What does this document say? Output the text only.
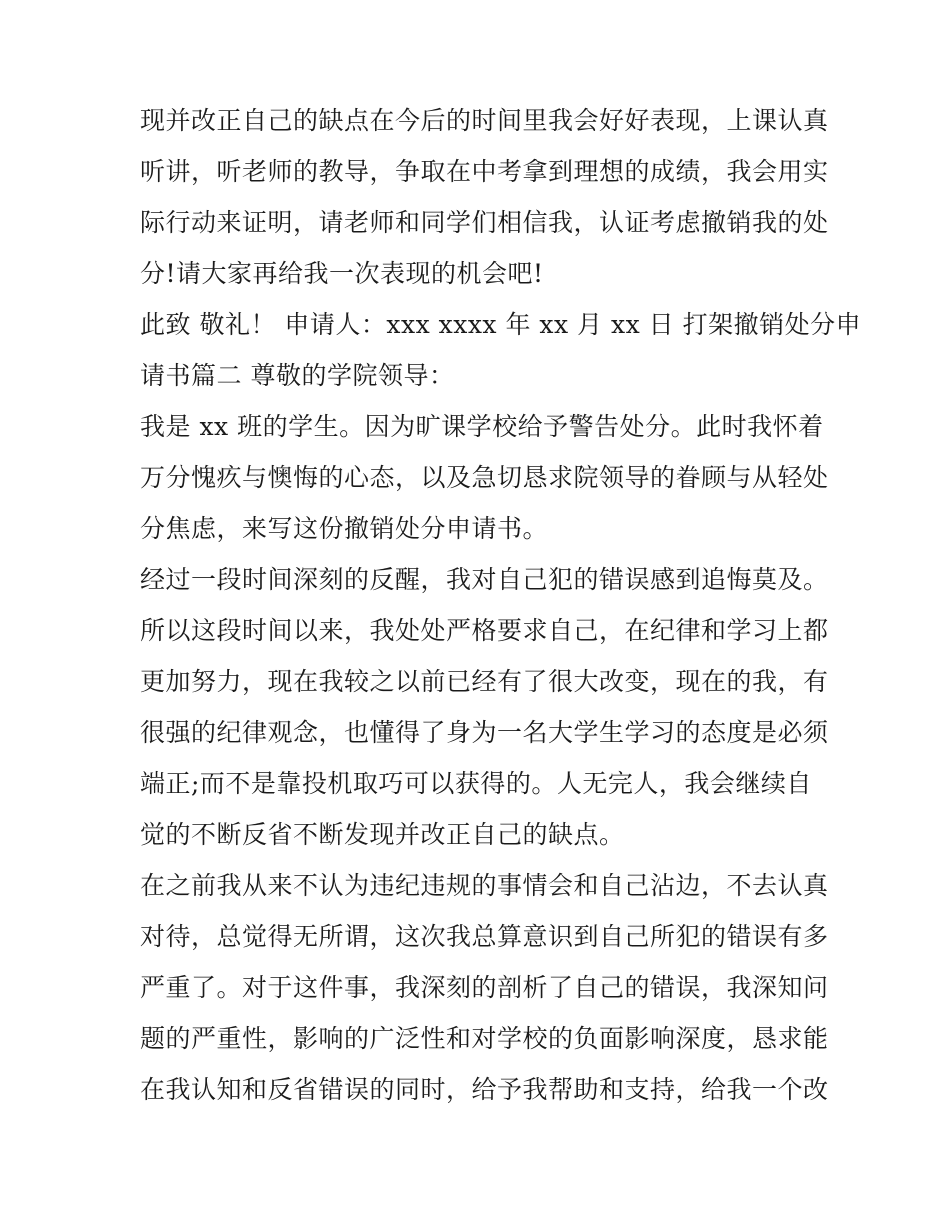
现并改正自己的缺点在今后的时间里我会好好表现，上课认真
听讲，听老师的教导，争取在中考拿到理想的成绩，我会用实
际行动来证明，请老师和同学们相信我，认证考虑撤销我的处
分!请大家再给我一次表现的机会吧!
此致 敬礼！ 申请人：xxx xxxx 年 xx 月 xx 日 打架撤销处分申
请书篇二 尊敬的学院领导：
我是 xx 班的学生。因为旷课学校给予警告处分。此时我怀着
万分愧疚与懊悔的心态，以及急切恳求院领导的眷顾与从轻处
分焦虑，来写这份撤销处分申请书。
经过一段时间深刻的反醒，我对自己犯的错误感到追悔莫及。
所以这段时间以来，我处处严格要求自己，在纪律和学习上都
更加努力，现在我较之以前已经有了很大改变，现在的我，有
很强的纪律观念，也懂得了身为一名大学生学习的态度是必须
端正;而不是靠投机取巧可以获得的。人无完人，我会继续自
觉的不断反省不断发现并改正自己的缺点。
在之前我从来不认为违纪违规的事情会和自己沾边，不去认真
对待，总觉得无所谓，这次我总算意识到自己所犯的错误有多
严重了。对于这件事，我深刻的剖析了自己的错误，我深知问
题的严重性，影响的广泛性和对学校的负面影响深度，恳求能
在我认知和反省错误的同时，给予我帮助和支持，给我一个改
